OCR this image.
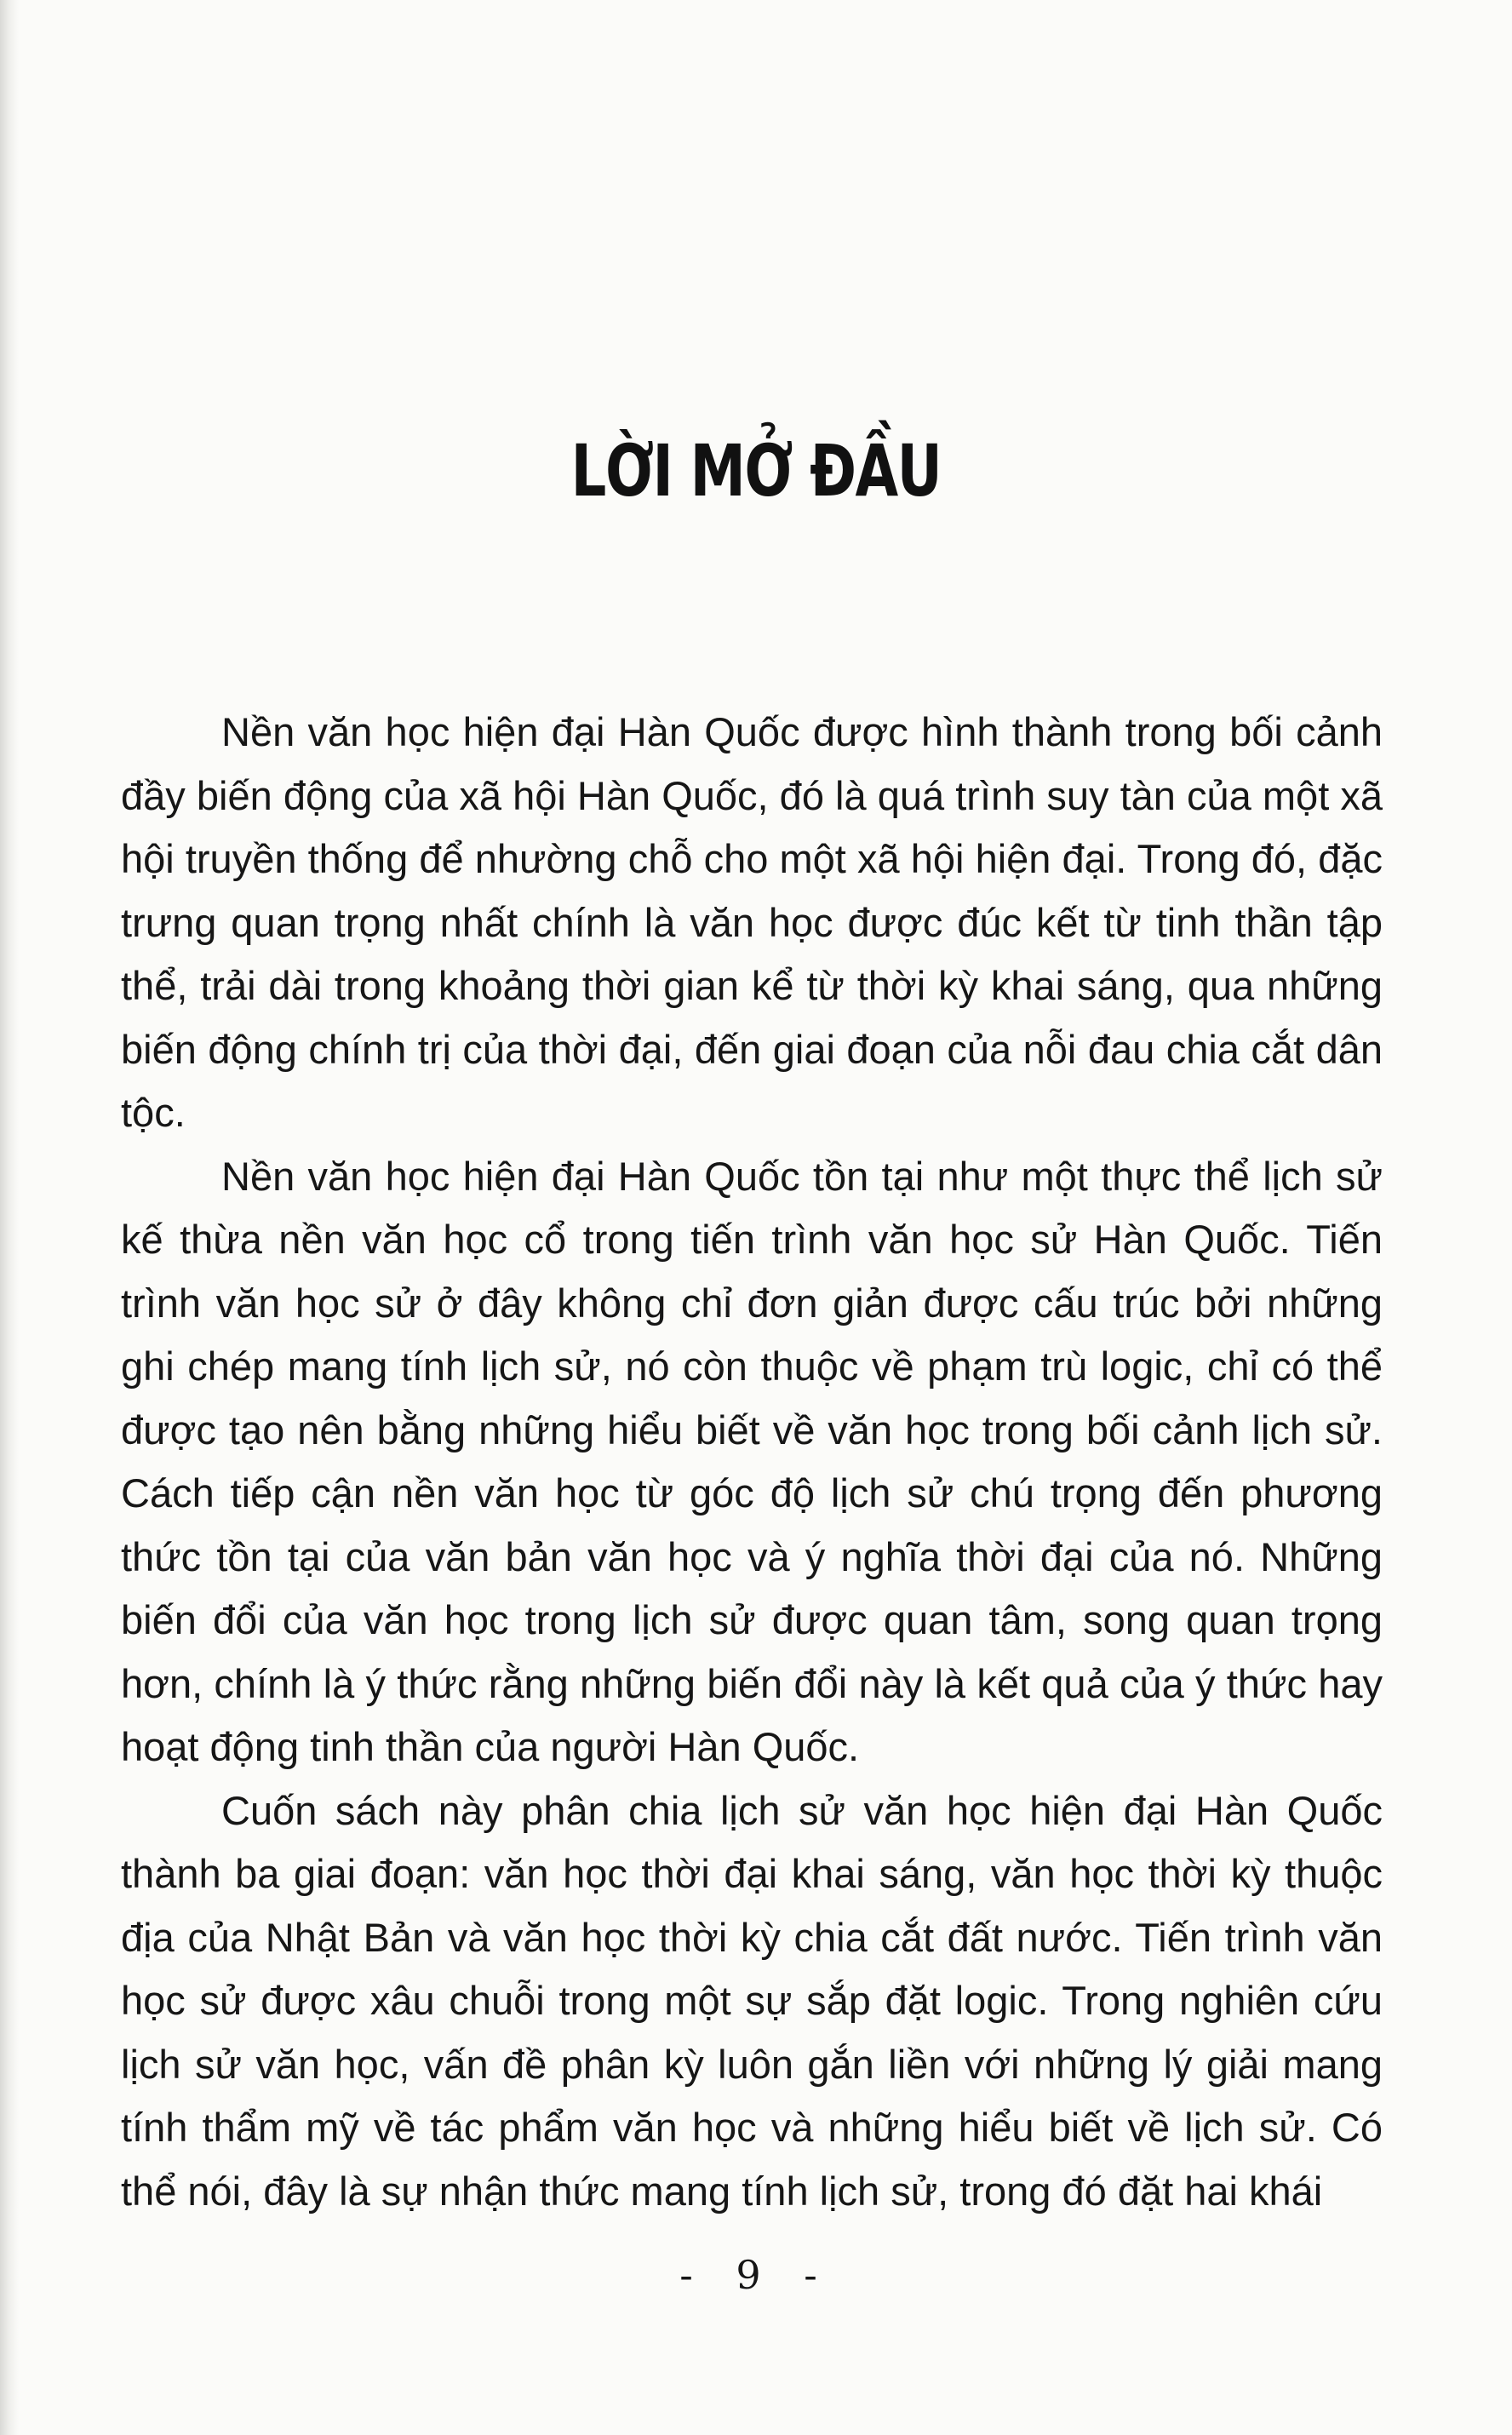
LỜI MỞ ĐẦU

Nền văn học hiện đại Hàn Quốc được hình thành trong bối cảnh đầy biến động của xã hội Hàn Quốc, đó là quá trình suy tàn của một xã hội truyền thống để nhường chỗ cho một xã hội hiện đại. Trong đó, đặc trưng quan trọng nhất chính là văn học được đúc kết từ tinh thần tập thể, trải dài trong khoảng thời gian kể từ thời kỳ khai sáng, qua những biến động chính trị của thời đại, đến giai đoạn của nỗi đau chia cắt dân tộc.

Nền văn học hiện đại Hàn Quốc tồn tại như một thực thể lịch sử kế thừa nền văn học cổ trong tiến trình văn học sử Hàn Quốc. Tiến trình văn học sử ở đây không chỉ đơn giản được cấu trúc bởi những ghi chép mang tính lịch sử, nó còn thuộc về phạm trù logic, chỉ có thể được tạo nên bằng những hiểu biết về văn học trong bối cảnh lịch sử. Cách tiếp cận nền văn học từ góc độ lịch sử chú trọng đến phương thức tồn tại của văn bản văn học và ý nghĩa thời đại của nó. Những biến đổi của văn học trong lịch sử được quan tâm, song quan trọng hơn, chính là ý thức rằng những biến đổi này là kết quả của ý thức hay hoạt động tinh thần của người Hàn Quốc.

Cuốn sách này phân chia lịch sử văn học hiện đại Hàn Quốc thành ba giai đoạn: văn học thời đại khai sáng, văn học thời kỳ thuộc địa của Nhật Bản và văn học thời kỳ chia cắt đất nước. Tiến trình văn học sử được xâu chuỗi trong một sự sắp đặt logic. Trong nghiên cứu lịch sử văn học, vấn đề phân kỳ luôn gắn liền với những lý giải mang tính thẩm mỹ về tác phẩm văn học và những hiểu biết về lịch sử. Có thể nói, đây là sự nhận thức mang tính lịch sử, trong đó đặt hai khái

- 9 -
